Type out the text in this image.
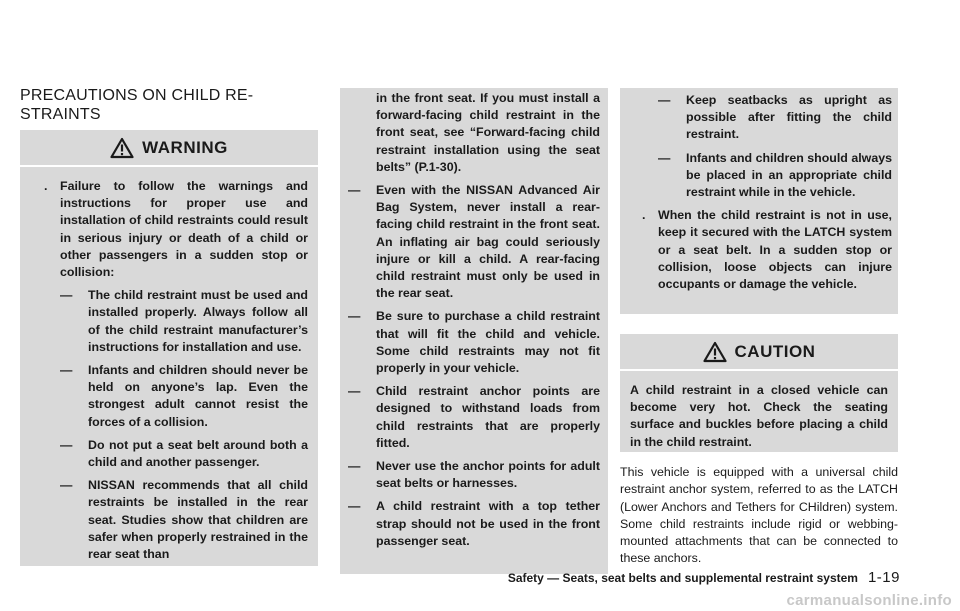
PRECAUTIONS ON CHILD RE-
STRAINTS
WARNING
. Failure to follow the warnings and instructions for proper use and installation of child restraints could result in serious injury or death of a child or other passengers in a sudden stop or collision:

— The child restraint must be used and installed properly. Always follow all of the child restraint manufacturer’s instructions for installation and use.

— Infants and children should never be held on anyone’s lap. Even the strongest adult cannot resist the forces of a collision.

— Do not put a seat belt around both a child and another passenger.

— NISSAN recommends that all child restraints be installed in the rear seat. Studies show that children are safer when properly restrained in the rear seat than

in the front seat. If you must install a forward-facing child restraint in the front seat, see “Forward-facing child restraint installation using the seat belts” (P.1-30).

— Even with the NISSAN Advanced Air Bag System, never install a rear-facing child restraint in the front seat. An inflating air bag could seriously injure or kill a child. A rear-facing child restraint must only be used in the rear seat.

— Be sure to purchase a child restraint that will fit the child and vehicle. Some child restraints may not fit properly in your vehicle.

— Child restraint anchor points are designed to withstand loads from child restraints that are properly fitted.

— Never use the anchor points for adult seat belts or harnesses.

— A child restraint with a top tether strap should not be used in the front passenger seat.

— Keep seatbacks as upright as possible after fitting the child restraint.

— Infants and children should always be placed in an appropriate child restraint while in the vehicle.

. When the child restraint is not in use, keep it secured with the LATCH system or a seat belt. In a sudden stop or collision, loose objects can injure occupants or damage the vehicle.

CAUTION

A child restraint in a closed vehicle can become very hot. Check the seating surface and buckles before placing a child in the child restraint.

This vehicle is equipped with a universal child restraint anchor system, referred to as the LATCH (Lower Anchors and Tethers for CHildren) system. Some child restraints include rigid or webbing-mounted attachments that can be connected to these anchors.

Safety — Seats, seat belts and supplemental restraint system 1-19
carmanualsonline.info
